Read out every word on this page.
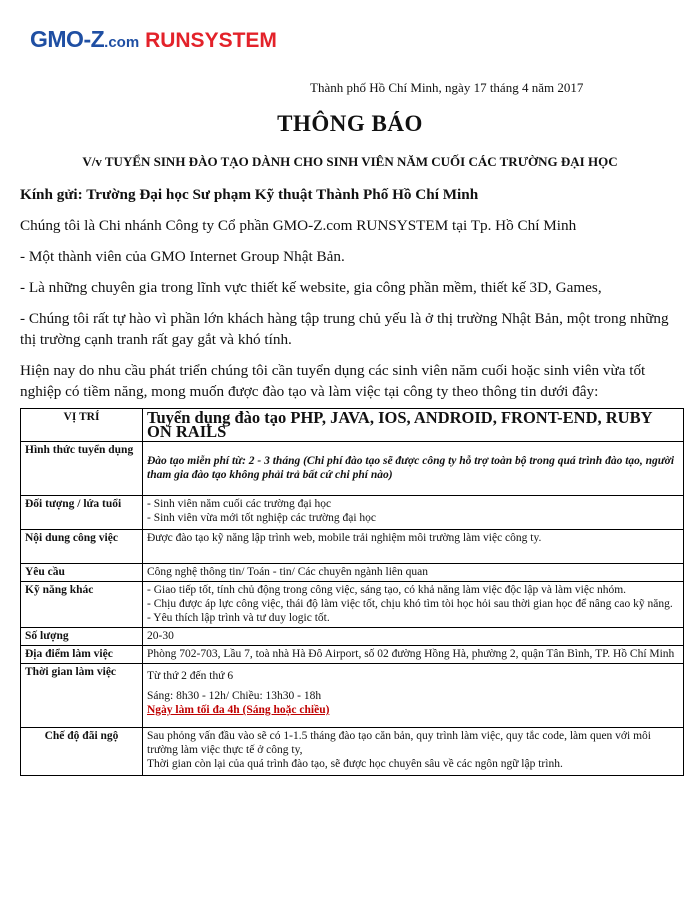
GMO-Z.com RUNSYSTEM
Thành phố Hồ Chí Minh, ngày 17 tháng 4 năm 2017
THÔNG BÁO
V/v TUYỂN SINH ĐÀO TẠO DÀNH CHO SINH VIÊN NĂM CUỐI CÁC TRƯỜNG ĐẠI HỌC
Kính gửi: Trường Đại học Sư phạm Kỹ thuật Thành Phố Hồ Chí Minh
Chúng tôi là Chi nhánh Công ty Cổ phần GMO-Z.com RUNSYSTEM tại Tp. Hồ Chí Minh
- Một thành viên của GMO Internet Group Nhật Bản.
- Là những chuyên gia trong lĩnh vực thiết kế website, gia công phần mềm, thiết kế 3D, Games,
- Chúng tôi rất tự hào vì phần lớn khách hàng tập trung chủ yếu là ở thị trường Nhật Bản, một trong những thị trường cạnh tranh rất gay gắt và khó tính.
Hiện nay do nhu cầu phát triển chúng tôi cần tuyển dụng các sinh viên năm cuối hoặc sinh viên vừa tốt nghiệp có tiềm năng, mong muốn được đào tạo và làm việc tại công ty theo thông tin dưới đây:
VỊ TRÍ	Tuyển dụng đào tạo PHP, JAVA, IOS, ANDROID, FRONT-END, RUBY ON RAILS
Hình thức tuyển dụng	Đào tạo miễn phí từ: 2 - 3 tháng (Chi phí đào tạo sẽ được công ty hỗ trợ toàn bộ trong quá trình đào tạo, người tham gia đào tạo không phải trả bất cứ chi phí nào)
Đối tượng / lứa tuổi	- Sinh viên năm cuối các trường đại học
- Sinh viên vừa mới tốt nghiệp các trường đại học

Nội dung công việc	Được đào tạo kỹ năng lập trình web, mobile trải nghiệm môi trường làm việc công ty.
Yêu cầu	Công nghệ thông tin/ Toán - tin/ Các chuyên ngành liên quan
Kỹ năng khác	- Giao tiếp tốt, tính chủ động trong công việc, sáng tạo, có khả năng làm việc độc lập và làm việc nhóm.
- Chịu được áp lực công việc, thái độ làm việc tốt, chịu khó tìm tòi học hỏi sau thời gian học để nâng cao kỹ năng.
- Yêu thích lập trình và tư duy logic tốt.

Số lượng	20-30
Địa điểm làm việc	Phòng 702-703, Lầu 7, toà nhà Hà Đô Airport, số 02 đường Hồng Hà, phường 2, quận Tân Bình, TP. Hồ Chí Minh
Thời gian làm việc	Từ thứ 2 đến thứ 6
Sáng: 8h30 - 12h/ Chiều: 13h30 - 18h
Ngày làm tối đa 4h (Sáng hoặc chiều)

Chế độ đãi ngộ	Sau phỏng vấn đầu vào sẽ có 1-1.5 tháng đào tạo căn bản, quy trình làm việc, quy tắc code, làm quen với môi trường làm việc thực tế ở công ty,
Thời gian còn lại của quá trình đào tạo, sẽ được học chuyên sâu về các ngôn ngữ lập trình.
